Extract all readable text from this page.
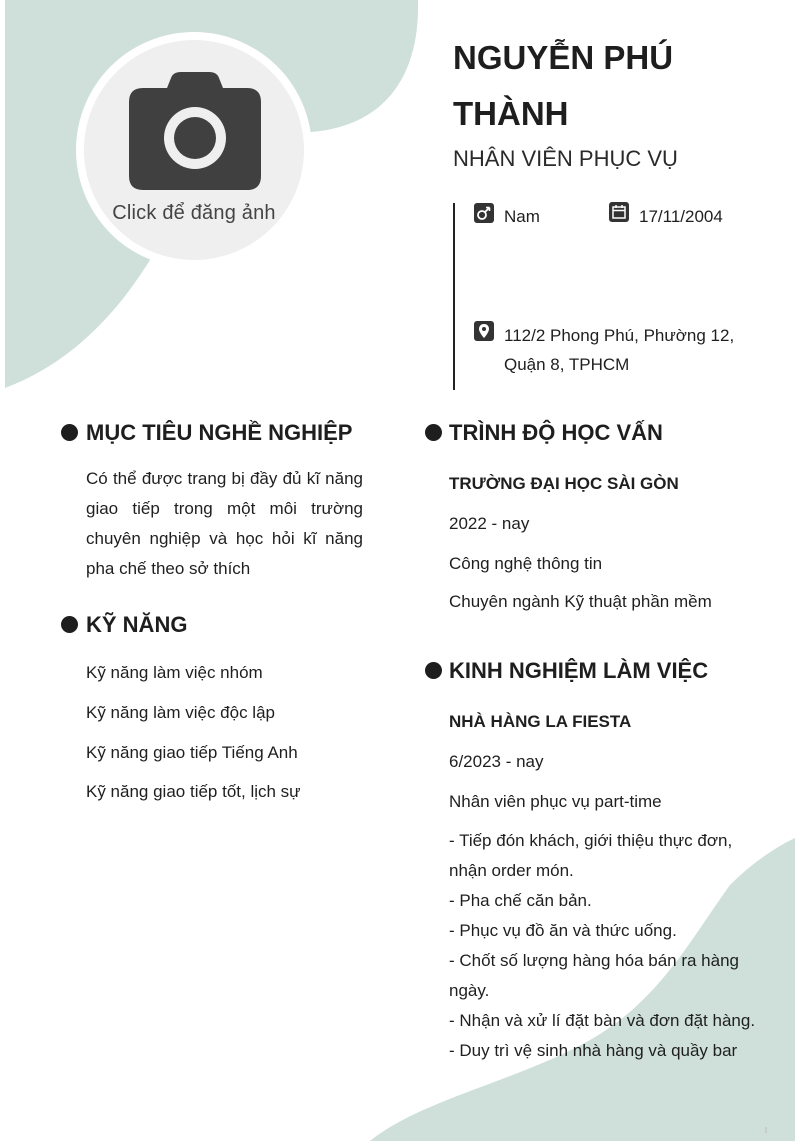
Click để đăng ảnh
NGUYỄN PHÚ THÀNH
NHÂN VIÊN PHỤC VỤ
Nam	17/11/2004
112/2 Phong Phú, Phường 12, Quận 8, TPHCM
MỤC TIÊU NGHỀ NGHIỆP
Có thể được trang bị đầy đủ kĩ năng giao tiếp trong một môi trường chuyên nghiệp và học hỏi kĩ năng pha chế theo sở thích
KỸ NĂNG
Kỹ năng làm việc nhóm
Kỹ năng làm việc độc lập
Kỹ năng giao tiếp Tiếng Anh
Kỹ năng giao tiếp tốt, lịch sự
TRÌNH ĐỘ HỌC VẤN
TRƯỜNG ĐẠI HỌC SÀI GÒN
2022 - nay
Công nghệ thông tin
Chuyên ngành Kỹ thuật phần mềm
KINH NGHIỆM LÀM VIỆC
NHÀ HÀNG LA FIESTA
6/2023 - nay
Nhân viên phục vụ part-time
- Tiếp đón khách, giới thiệu thực đơn, nhận order món.
- Pha chế căn bản.
- Phục vụ đồ ăn và thức uống.
- Chốt số lượng hàng hóa bán ra hàng ngày.
- Nhận và xử lí đặt bàn và đơn đặt hàng.
- Duy trì vệ sinh nhà hàng và quầy bar
